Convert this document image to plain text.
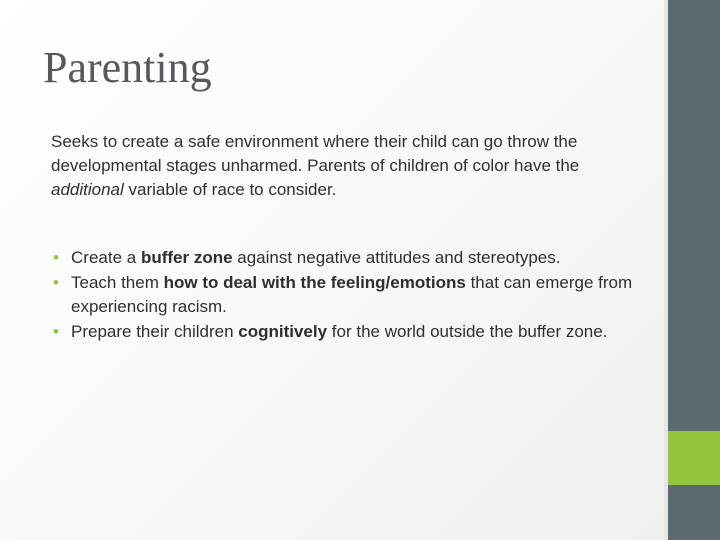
Parenting

Seeks to create a safe environment where their child can go throw the developmental stages unharmed. Parents of children of color have the additional variable of race to consider.

• Create a buffer zone against negative attitudes and stereotypes.
• Teach them how to deal with the feeling/emotions that can emerge from experiencing racism.
• Prepare their children cognitively for the world outside the buffer zone.
